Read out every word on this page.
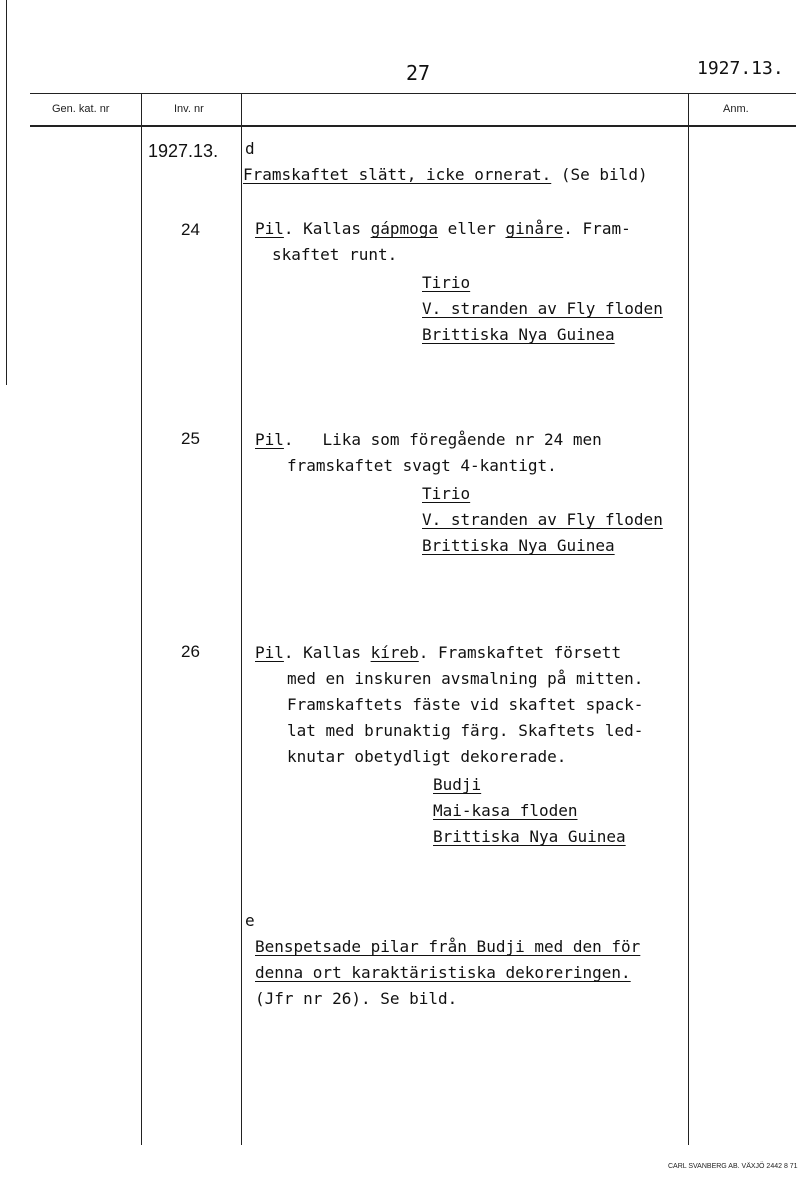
27	1927.13.
Gen. kat. nr	Inv. nr	Anm.
1927.13. d
Framskaftet slätt, icke ornerat. (Se bild)
24	Pil. Kallas gápmoga eller ginåre. Fram-
skaftet runt.
Tirio
V. stranden av Fly floden
Brittiska Nya Guinea
25	Pil.   Lika som föregående nr 24 men
framskaftet svagt 4-kantigt.
Tirio
V. stranden av Fly floden
Brittiska Nya Guinea
26	Pil. Kallas kíreb. Framskaftet försett
med en inskuren avsmalning på mitten.
Framskaftets fäste vid skaftet spack-
lat med brunaktig färg. Skaftets led-
knutar obetydligt dekorerade.
Budji
Mai-kasa floden
Brittiska Nya Guinea
e
Benspetsade pilar från Budji med den för
denna ort karaktäristiska dekoreringen.
(Jfr nr 26). Se bild.
CARL SVANBERG AB. VÄXJÖ 2442 8 71
